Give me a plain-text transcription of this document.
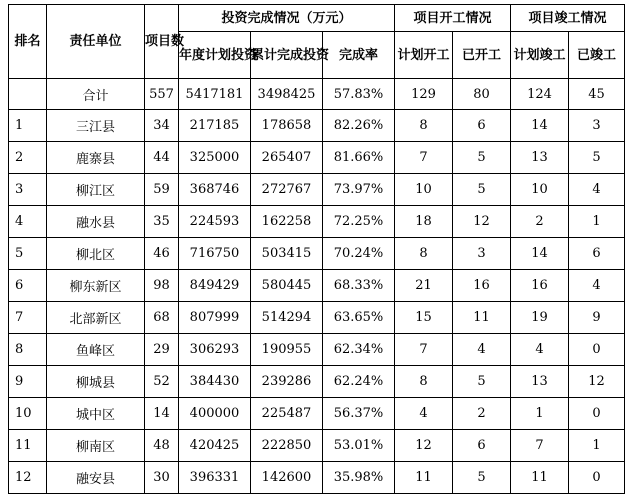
排名	责任单位	项目数	投资完成情况（万元）			项目开工情况		项目竣工情况	
			年度计划投资	累计完成投资	完成率	计划开工	已开工	计划竣工	已竣工
	合计	557	5417181	3498425	57.83%	129	80	124	45
1	三江县	34	217185	178658	82.26%	8	6	14	3
2	鹿寨县	44	325000	265407	81.66%	7	5	13	5
3	柳江区	59	368746	272767	73.97%	10	5	10	4
4	融水县	35	224593	162258	72.25%	18	12	2	1
5	柳北区	46	716750	503415	70.24%	8	3	14	6
6	柳东新区	98	849429	580445	68.33%	21	16	16	4
7	北部新区	68	807999	514294	63.65%	15	11	19	9
8	鱼峰区	29	306293	190955	62.34%	7	4	4	0
9	柳城县	52	384430	239286	62.24%	8	5	13	12
10	城中区	14	400000	225487	56.37%	4	2	1	0
11	柳南区	48	420425	222850	53.01%	12	6	7	1
12	融安县	30	396331	142600	35.98%	11	5	11	0
